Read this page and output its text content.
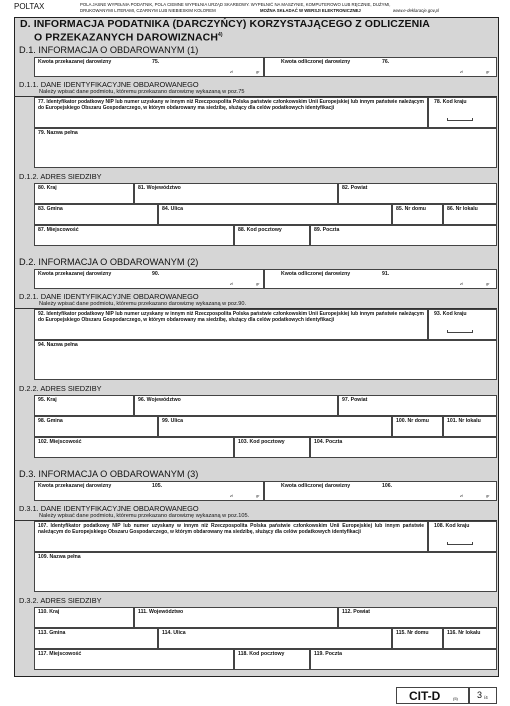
POLTAX	POLA JASNE WYPEŁNIA PODATNIK, POLA CIEMNE WYPEŁNIA URZĄD SKARBOWY. WYPEŁNIĆ NA MASZYNIE, KOMPUTEROWO LUB RĘCZNIE, DUŻYMI,
DRUKOWANYMI LITERAMI, CZARNYM LUB NIEBIESKIM KOLOREM	MOŻNA SKŁADAĆ W WERSJI ELEKTRONICZNEJ	www.e-deklaracje.gov.pl
D. INFORMACJA PODATNIKA (DARCZYŃCY) KORZYSTAJĄCEGO Z ODLICZENIA
O PRZEKAZANYCH DAROWIZNACH$^{4)}$
D.1. INFORMACJA O OBDAROWANYM (1)
Kwota przekazanej darowizny	75.
zł	gr
Kwota odliczonej darowizny	76.
zł	gr
D.1.1. DANE IDENTYFIKACYJNE OBDAROWANEGO
Należy wpisać dane podmiotu, któremu przekazano darowiznę wykazaną w poz.75
77. Identyfikator podatkowy NIP lub numer uzyskany w innym niż Rzeczpospolita Polska państwie członkowskim Unii Europejskiej lub innym państwie należącym do Europejskiego Obszaru Gospodarczego, w którym obdarowany ma siedzibę, służący dla celów podatkowych identyfikacji
78. Kod kraju
79. Nazwa pełna
D.1.2. ADRES SIEDZIBY
80. Kraj	81. Województwo	82. Powiat
83. Gmina	84. Ulica	85. Nr domu	86. Nr lokalu
87. Miejscowość	88. Kod pocztowy	89. Poczta
D.2. INFORMACJA O OBDAROWANYM (2)
Kwota przekazanej darowizny	90.
zł	gr
Kwota odliczonej darowizny	91.
zł	gr
D.2.1. DANE IDENTYFIKACYJNE OBDAROWANEGO
Należy wpisać dane podmiotu, któremu przekazano darowiznę wykazaną w poz.90.
92. Identyfikator podatkowy NIP lub numer uzyskany w innym niż Rzeczpospolita Polska państwie członkowskim Unii Europejskiej lub innym państwie należącym do Europejskiego Obszaru Gospodarczego, w którym obdarowany ma siedzibę, służący dla celów podatkowych identyfikacji
93. Kod kraju
94. Nazwa pełna
D.2.2. ADRES SIEDZIBY
95. Kraj	96. Województwo	97. Powiat
98. Gmina	99. Ulica	100. Nr domu	101. Nr lokalu
102. Miejscowość	103. Kod pocztowy	104. Poczta
D.3. INFORMACJA O OBDAROWANYM (3)
Kwota przekazanej darowizny	105.
zł	gr
Kwota odliczonej darowizny	106.
zł	gr
D.3.1. DANE IDENTYFIKACYJNE OBDAROWANEGO
Należy wpisać dane podmiotu, któremu przekazano darowiznę wykazaną w poz.105.
107. Identyfikator podatkowy NIP lub numer uzyskany w innym niż Rzeczpospolita Polska państwie członkowskim Unii Europejskiej lub innym państwie należącym do Europejskiego Obszaru Gospodarczego, w którym obdarowany ma siedzibę, służący dla celów podatkowych identyfikacji
108. Kod kraju
109. Nazwa pełna
D.3.2. ADRES SIEDZIBY
110. Kraj	111. Województwo	112. Powiat
113. Gmina	114. Ulica	115. Nr domu	116. Nr lokalu
117. Miejscowość	118. Kod pocztowy	119. Poczta
CIT-D	(5) 3 /4
